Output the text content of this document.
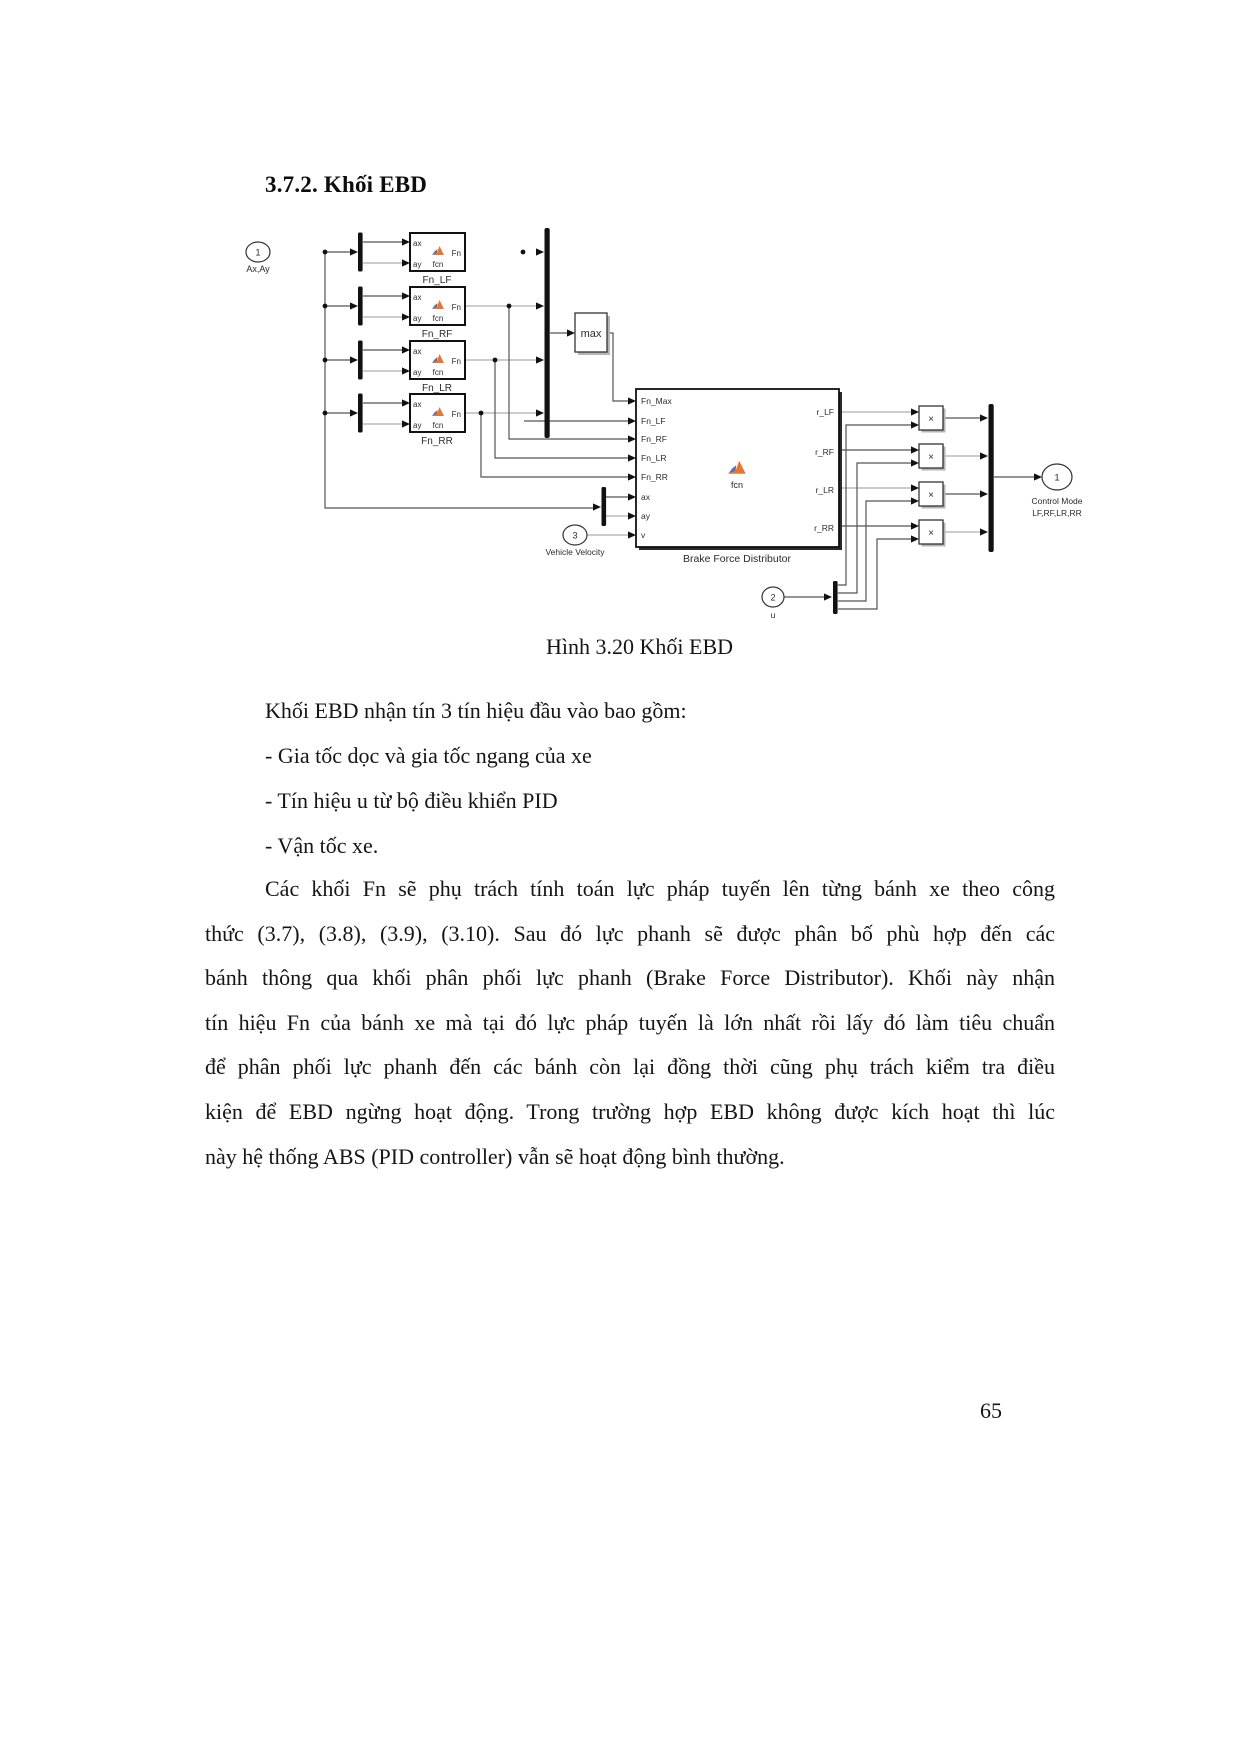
3.7.2. Khối EBD
1
Ax,Ay
ax
ay
Fn
fcn
Fn_LF
ax
ay
Fn
fcn
Fn_RF
ax
ay
Fn
fcn
Fn_LR
ax
ay
Fn
fcn
Fn_RR
max
3
Vehicle Velocity
Fn_Max
Fn_LF
Fn_RF
Fn_LR
Fn_RR
ax
ay
v
r_LF
r_RF
r_LR
r_RR
fcn
Brake Force Distributor
×
×
×
×
2
u
1
Control Mode
LF,RF,LR,RR
Hình 3.20 Khối EBD
Khối EBD nhận tín 3 tín hiệu đầu vào bao gồm:
- Gia tốc dọc và gia tốc ngang của xe
- Tín hiệu u từ bộ điều khiển PID
- Vận tốc xe.
Các khối Fn sẽ phụ trách tính toán lực pháp tuyến lên từng bánh xe theo công
thức (3.7), (3.8), (3.9), (3.10). Sau đó lực phanh sẽ được phân bố phù hợp đến các
bánh thông qua khối phân phối lực phanh (Brake Force Distributor). Khối này nhận
tín hiệu Fn của bánh xe mà tại đó lực pháp tuyến là lớn nhất rồi lấy đó làm tiêu chuẩn
để phân phối lực phanh đến các bánh còn lại đồng thời cũng phụ trách kiểm tra điều
kiện để EBD ngừng hoạt động. Trong trường hợp EBD không được kích hoạt thì lúc
này hệ thống ABS (PID controller) vẫn sẽ hoạt động bình thường.
65
